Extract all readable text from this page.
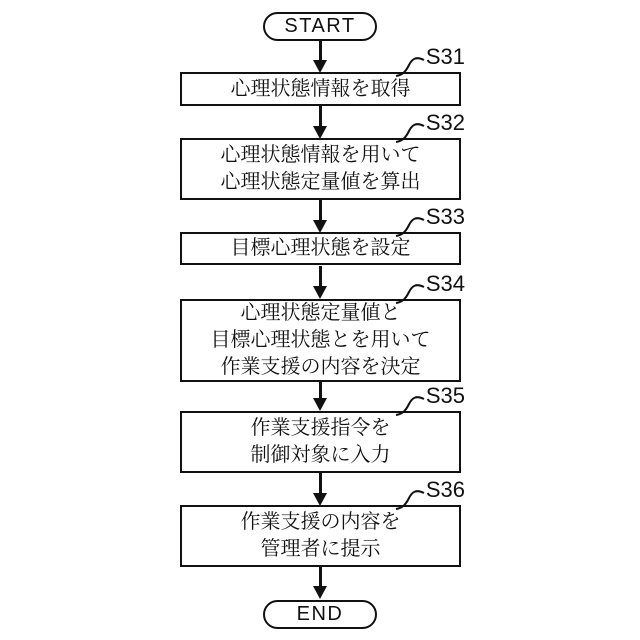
START
心理状態情報を取得
S31
心理状態情報を用いて
心理状態定量値を算出
S32
目標心理状態を設定
S33
心理状態定量値と
目標心理状態とを用いて
作業支援の内容を決定
S34
作業支援指令を
制御対象に入力
S35
作業支援の内容を
管理者に提示
S36
END
